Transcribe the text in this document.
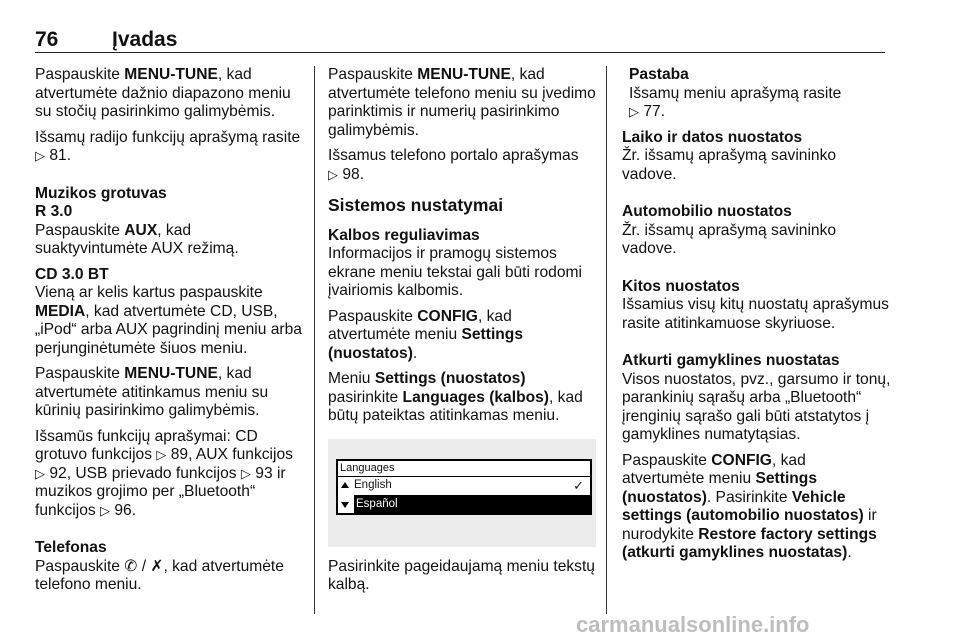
76	Įvadas

Paspauskite MENU-TUNE, kad atvertumėte dažnio diapazono meniu su stočių pasirinkimo galimybėmis.

Išsamų radijo funkcijų aprašymą rasite ▷ 81.

Muzikos grotuvas

R 3.0

Paspauskite AUX, kad suaktyvintumėte AUX režimą.

CD 3.0 BT

Vieną ar kelis kartus paspauskite MEDIA, kad atvertumėte CD, USB, „iPod“ arba AUX pagrindinį meniu arba perjunginėtumėte šiuos meniu.

Paspauskite MENU-TUNE, kad atvertumėte atitinkamus meniu su kūrinių pasirinkimo galimybėmis.

Išsamūs funkcijų aprašymai: CD grotuvo funkcijos ▷ 89, AUX funkcijos ▷ 92, USB prievado funkcijos ▷ 93 ir muzikos grojimo per „Bluetooth“ funkcijos ▷ 96.

Telefonas

Paspauskite ✆ / ✗, kad atvertumėte telefono meniu.

Paspauskite MENU-TUNE, kad atvertumėte telefono meniu su įvedimo parinktimis ir numerių pasirinkimo galimybėmis.

Išsamus telefono portalo aprašymas
▷ 98.

Sistemos nustatymai

Kalbos reguliavimas

Informacijos ir pramogų sistemos ekrane meniu tekstai gali būti rodomi įvairiomis kalbomis.

Paspauskite CONFIG, kad atvertumėte meniu Settings (nuostatos).

Meniu Settings (nuostatos) pasirinkite Languages (kalbos), kad būtų pateiktas atitinkamas meniu.

Languages
English	✓
Español

Pasirinkite pageidaujamą meniu tekstų kalbą.

Pastaba

Išsamų meniu aprašymą rasite
▷ 77.

Laiko ir datos nuostatos

Žr. išsamų aprašymą savininko vadove.

Automobilio nuostatos

Žr. išsamų aprašymą savininko vadove.

Kitos nuostatos

Išsamius visų kitų nuostatų aprašymus rasite atitinkamuose skyriuose.

Atkurti gamyklines nuostatas

Visos nuostatos, pvz., garsumo ir tonų, parankinių sąrašų arba „Bluetooth“ įrenginių sąrašo gali būti atstatytos į gamyklines numatytąsias.

Paspauskite CONFIG, kad atvertumėte meniu Settings (nuostatos). Pasirinkite Vehicle settings (automobilio nuostatos) ir nurodykite Restore factory settings (atkurti gamyklines nuostatas).

carmanualsonline.info
